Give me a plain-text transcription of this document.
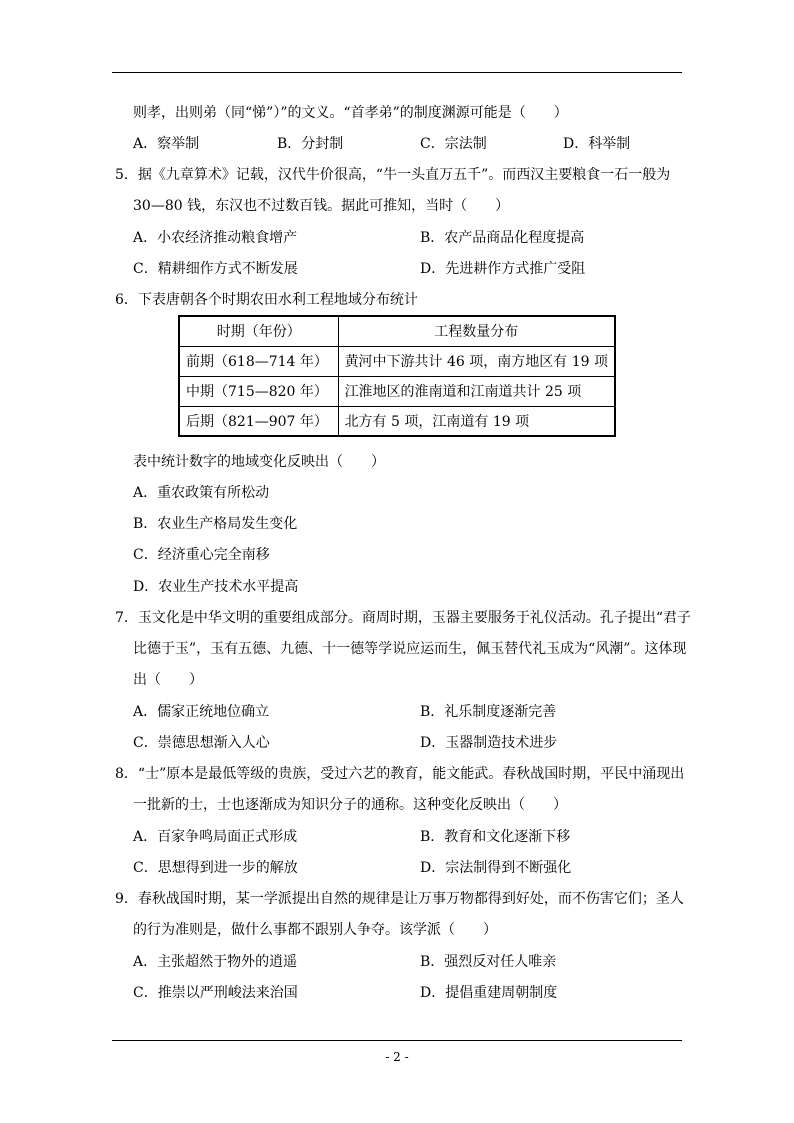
则孝，出则弟（同“悌”）”的文义。“首孝弟”的制度渊源可能是（　　）
A．察举制	B．分封制	C．宗法制	D．科举制
5．据《九章算术》记载，汉代牛价很高，“牛一头直万五千”。而西汉主要粮食一石一般为
30—80 钱，东汉也不过数百钱。据此可推知，当时（　　）
A．小农经济推动粮食增产	B．农产品商品化程度提高
C．精耕细作方式不断发展	D．先进耕作方式推广受阻
6．下表唐朝各个时期农田水利工程地域分布统计
时期（年份）	工程数量分布
前期（618—714 年）	黄河中下游共计 46 项，南方地区有 19 项
中期（715—820 年）	江淮地区的淮南道和江南道共计 25 项
后期（821—907 年）	北方有 5 项，江南道有 19 项
表中统计数字的地域变化反映出（　　）
A．重农政策有所松动
B．农业生产格局发生变化
C．经济重心完全南移
D．农业生产技术水平提高
7．玉文化是中华文明的重要组成部分。商周时期，玉器主要服务于礼仪活动。孔子提出“君子
比德于玉”，玉有五德、九德、十一德等学说应运而生，佩玉替代礼玉成为“风潮”。这体现
出（　　）
A．儒家正统地位确立	B．礼乐制度逐渐完善
C．崇德思想渐入人心	D．玉器制造技术进步
8．“士”原本是最低等级的贵族，受过六艺的教育，能文能武。春秋战国时期，平民中涌现出
一批新的士，士也逐渐成为知识分子的通称。这种变化反映出（　　）
A．百家争鸣局面正式形成	B．教育和文化逐渐下移
C．思想得到进一步的解放	D．宗法制得到不断强化
9．春秋战国时期，某一学派提出自然的规律是让万事万物都得到好处，而不伤害它们；圣人
的行为准则是，做什么事都不跟别人争夺。该学派（　　）
A．主张超然于物外的逍遥	B．强烈反对任人唯亲
C．推崇以严刑峻法来治国	D．提倡重建周朝制度
- 2 -
